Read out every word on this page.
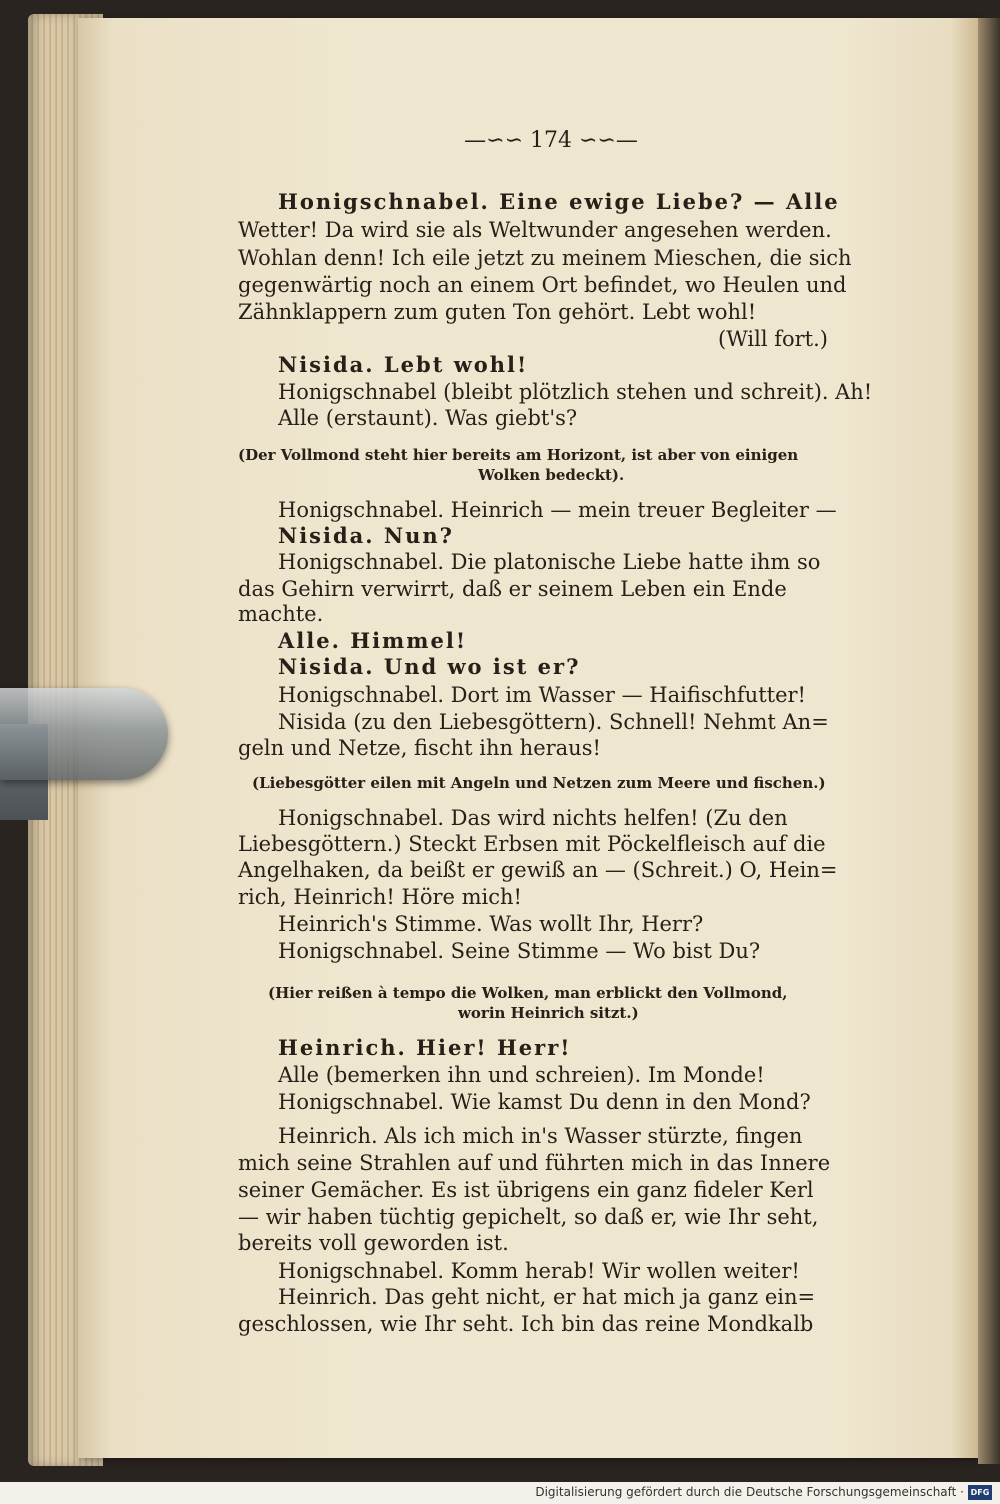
—∽∽ 174 ∽∽—
Honigschnabel. Eine ewige Liebe? — Alle
Wetter! Da wird sie als Weltwunder angesehen werden.
Wohlan denn! Ich eile jetzt zu meinem Mieschen, die sich
gegenwärtig noch an einem Ort befindet, wo Heulen und
Zähnklappern zum guten Ton gehört. Lebt wohl!
(Will fort.)
Nisida. Lebt wohl!
Honigschnabel (bleibt plötzlich stehen und schreit). Ah!
Alle (erstaunt). Was giebt's?
(Der Vollmond steht hier bereits am Horizont, ist aber von einigen
Wolken bedeckt).
Honigschnabel. Heinrich — mein treuer Begleiter —
Nisida. Nun?
Honigschnabel. Die platonische Liebe hatte ihm so
das Gehirn verwirrt, daß er seinem Leben ein Ende
machte.
Alle. Himmel!
Nisida. Und wo ist er?
Honigschnabel. Dort im Wasser — Haifischfutter!
Nisida (zu den Liebesgöttern). Schnell! Nehmt An=
geln und Netze, fischt ihn heraus!
(Liebesgötter eilen mit Angeln und Netzen zum Meere und fischen.)
Honigschnabel. Das wird nichts helfen! (Zu den
Liebesgöttern.) Steckt Erbsen mit Pöckelfleisch auf die
Angelhaken, da beißt er gewiß an — (Schreit.) O, Hein=
rich, Heinrich! Höre mich!
Heinrich's Stimme. Was wollt Ihr, Herr?
Honigschnabel. Seine Stimme — Wo bist Du?
(Hier reißen à tempo die Wolken, man erblickt den Vollmond,
worin Heinrich sitzt.)
Heinrich. Hier! Herr!
Alle (bemerken ihn und schreien). Im Monde!
Honigschnabel. Wie kamst Du denn in den Mond?
Heinrich. Als ich mich in's Wasser stürzte, fingen
mich seine Strahlen auf und führten mich in das Innere
seiner Gemächer. Es ist übrigens ein ganz fideler Kerl
— wir haben tüchtig gepichelt, so daß er, wie Ihr seht,
bereits voll geworden ist.
Honigschnabel. Komm herab! Wir wollen weiter!
Heinrich. Das geht nicht, er hat mich ja ganz ein=
geschlossen, wie Ihr seht. Ich bin das reine Mondkalb
Digitalisierung gefördert durch die Deutsche Forschungsgemeinschaft · DFG
